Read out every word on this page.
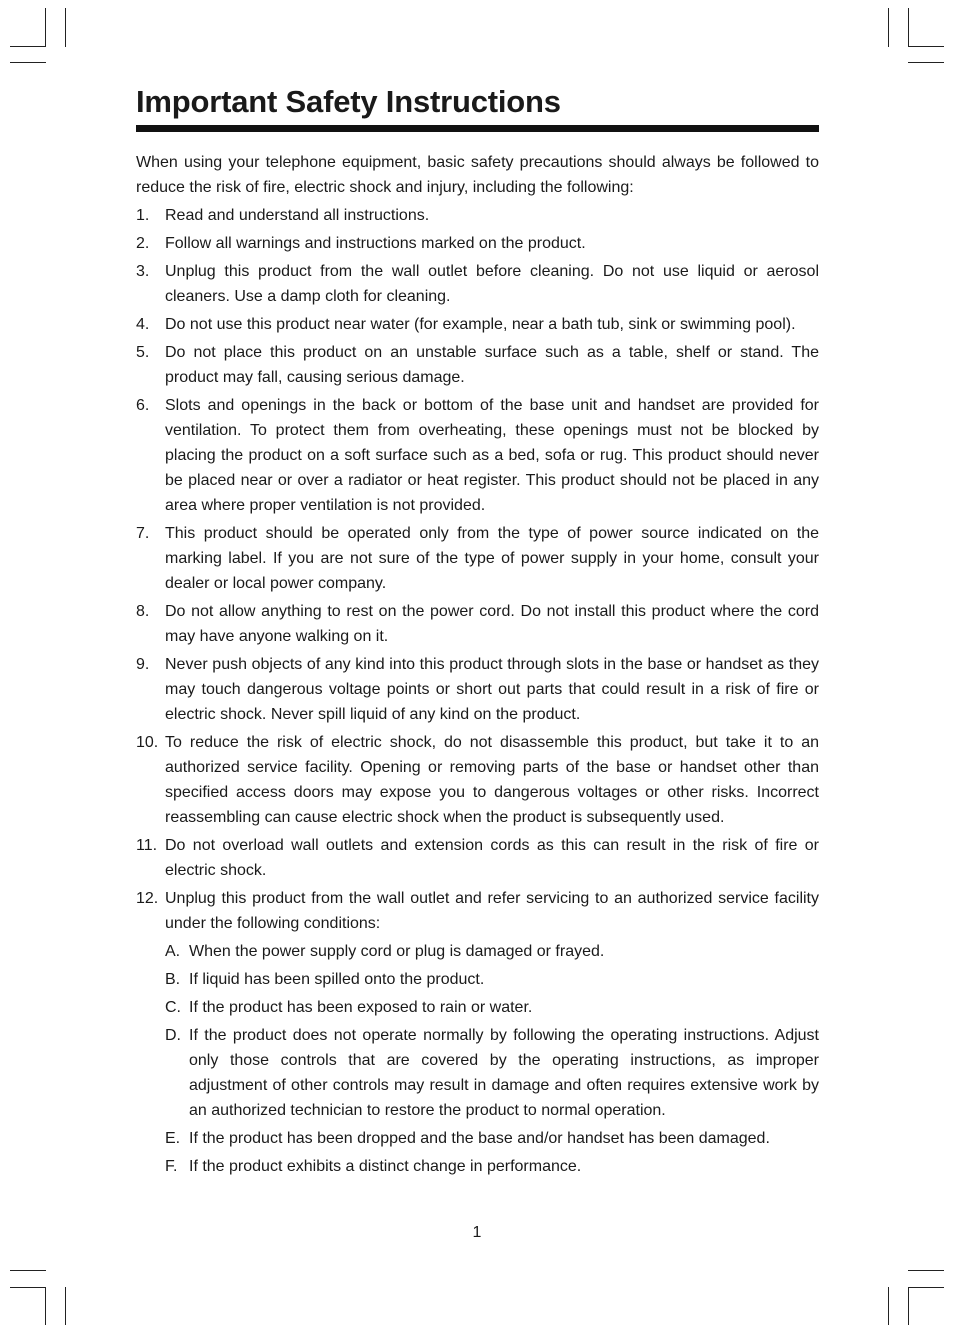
Important Safety Instructions

When using your telephone equipment, basic safety precautions should always be followed to reduce the risk of fire, electric shock and injury, including the following:

1. Read and understand all instructions.
2. Follow all warnings and instructions marked on the product.
3. Unplug this product from the wall outlet before cleaning. Do not use liquid or aerosol cleaners. Use a damp cloth for cleaning.
4. Do not use this product near water (for example, near a bath tub, sink or swimming pool).
5. Do not place this product on an unstable surface such as a table, shelf or stand. The product may fall, causing serious damage.
6. Slots and openings in the back or bottom of the base unit and handset are provided for ventilation. To protect them from overheating, these openings must not be blocked by placing the product on a soft surface such as a bed, sofa or rug. This product should never be placed near or over a radiator or heat register. This product should not be placed in any area where proper ventilation is not provided.
7. This product should be operated only from the type of power source indicated on the marking label. If you are not sure of the type of power supply in your home, consult your dealer or local power company.
8. Do not allow anything to rest on the power cord. Do not install this product where the cord may have anyone walking on it.
9. Never push objects of any kind into this product through slots in the base or handset as they may touch dangerous voltage points or short out parts that could result in a risk of fire or electric shock. Never spill liquid of any kind on the product.
10. To reduce the risk of electric shock, do not disassemble this product, but take it to an authorized service facility. Opening or removing parts of the base or handset other than specified access doors may expose you to dangerous voltages or other risks. Incorrect reassembling can cause electric shock when the product is subsequently used.
11. Do not overload wall outlets and extension cords as this can result in the risk of fire or electric shock.
12. Unplug this product from the wall outlet and refer servicing to an authorized service facility under the following conditions:
A. When the power supply cord or plug is damaged or frayed.
B. If liquid has been spilled onto the product.
C. If the product has been exposed to rain or water.
D. If the product does not operate normally by following the operating instructions. Adjust only those controls that are covered by the operating instructions, as improper adjustment of other controls may result in damage and often requires extensive work by an authorized technician to restore the product to normal operation.
E. If the product has been dropped and the base and/or handset has been damaged.
F. If the product exhibits a distinct change in performance.
1
